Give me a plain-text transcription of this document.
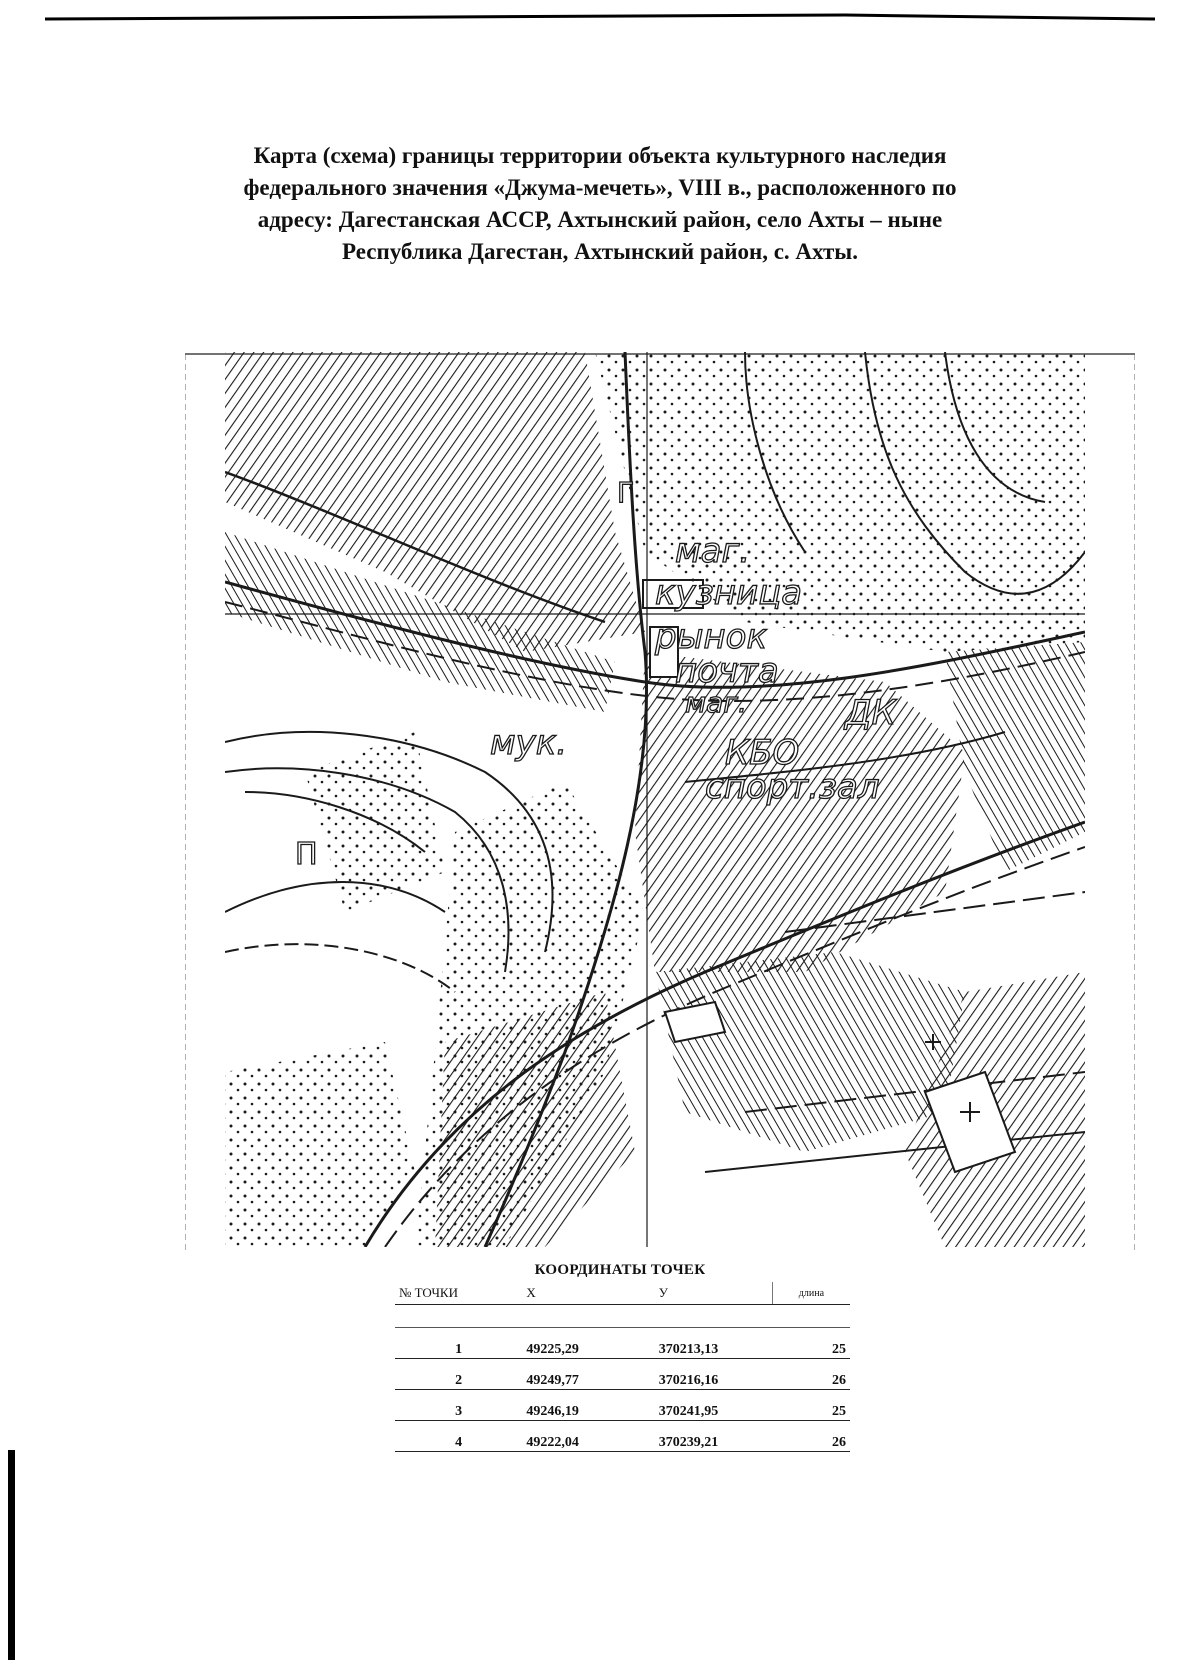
Карта (схема) границы территории объекта культурного наследия
федерального значения «Джума-мечеть», VIII в., расположенного по
адресу: Дагестанская АССР, Ахтынский район, село Ахты – ныне
Республика Дагестан, Ахтынский район, с. Ахты.
маг.
кузница
рынок
почта
маг.	ДК
мук.	КБО
спорт.зал
П
Г
КООРДИНАТЫ ТОЧЕК
№ ТОЧКИ	X	У	длина

1	49225,29	370213,13	25
2	49249,77	370216,16	26
3	49246,19	370241,95	25
4	49222,04	370239,21	26
